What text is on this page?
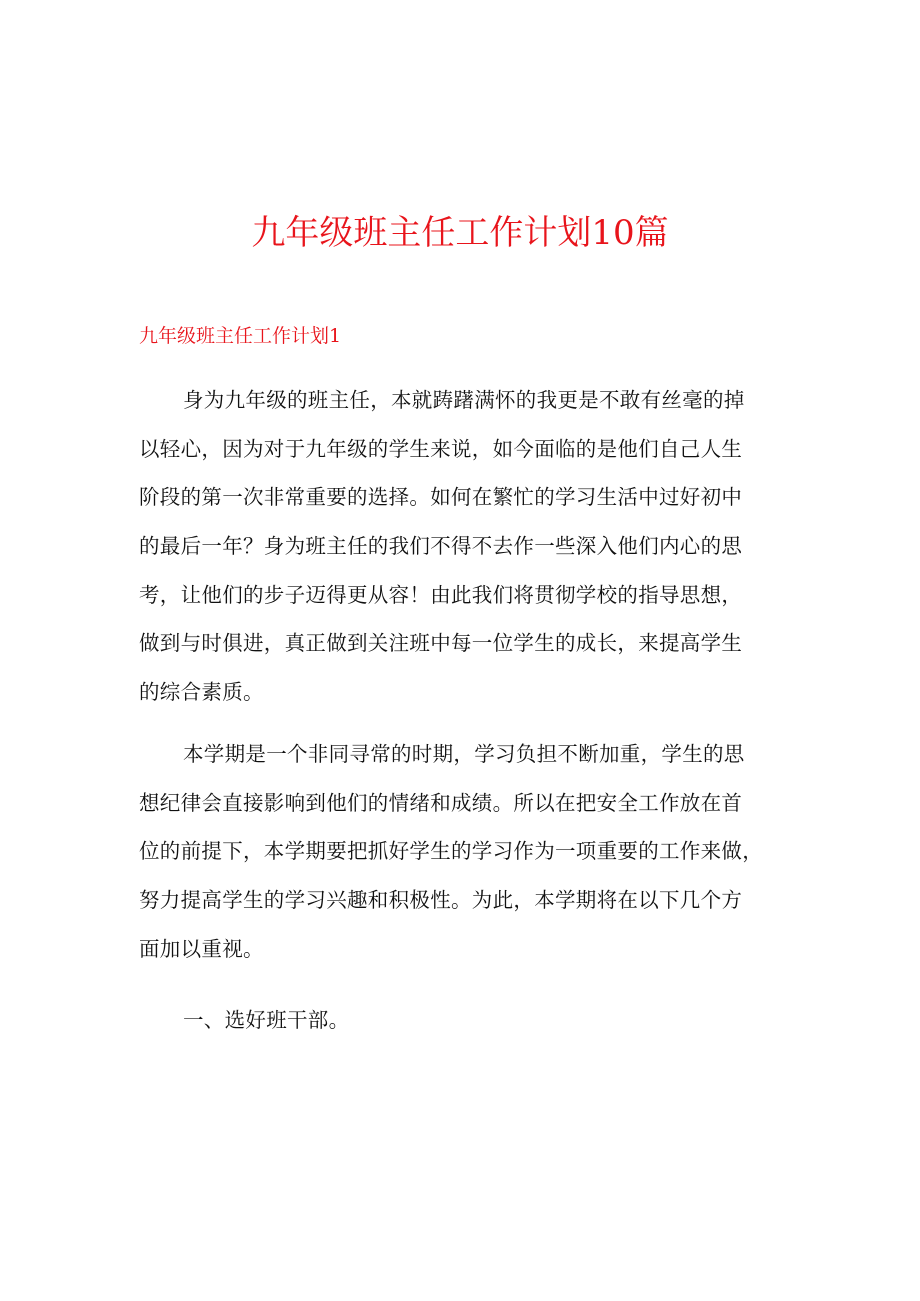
九年级班主任工作计划10篇
九年级班主任工作计划1
身为九年级的班主任，本就踌躇满怀的我更是不敢有丝毫的掉
以轻心，因为对于九年级的学生来说，如今面临的是他们自己人生
阶段的第一次非常重要的选择。如何在繁忙的学习生活中过好初中
的最后一年？身为班主任的我们不得不去作一些深入他们内心的思
考，让他们的步子迈得更从容！由此我们将贯彻学校的指导思想，
做到与时俱进，真正做到关注班中每一位学生的成长，来提高学生
的综合素质。
本学期是一个非同寻常的时期，学习负担不断加重，学生的思
想纪律会直接影响到他们的情绪和成绩。所以在把安全工作放在首
位的前提下，本学期要把抓好学生的学习作为一项重要的工作来做，
努力提高学生的学习兴趣和积极性。为此，本学期将在以下几个方
面加以重视。
一、选好班干部。
